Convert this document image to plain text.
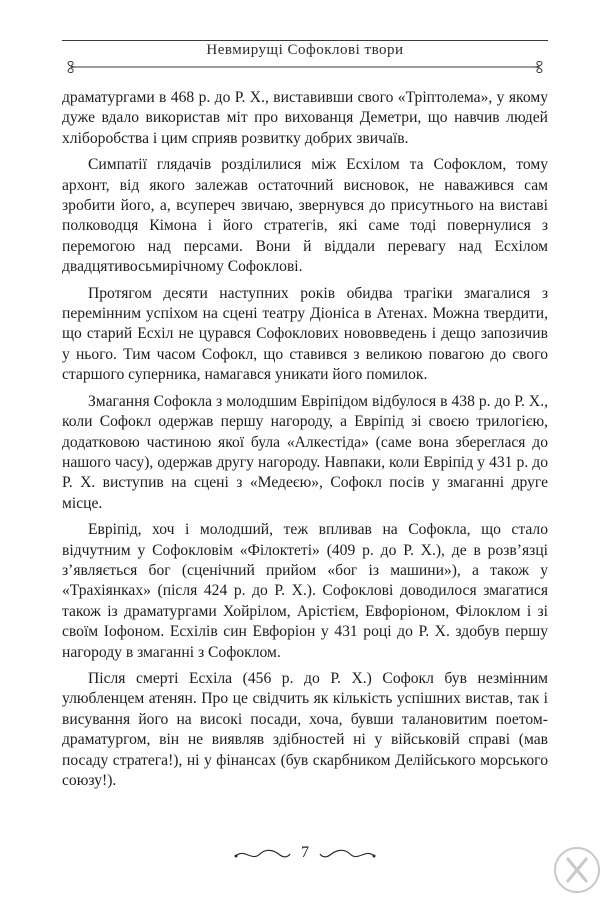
Невмирущі Софоклові твори

драматургами в 468 р. до Р. Х., виставивши свого «Тріптолема», у якому дуже вдало використав міт про вихованця Деметри, що навчив людей хліборобства і цим сприяв розвитку добрих звичаїв.

Симпатії глядачів розділилися між Есхілом та Софоклом, тому архонт, від якого залежав остаточний висновок, не наважився сам зробити його, а, всупереч звичаю, звернувся до присутнього на виставі полководця Кімона і його стратегів, які саме тоді повернулися з перемогою над персами. Вони й віддали перевагу над Есхілом двадцятивосьмирічному Софоклові.

Протягом десяти наступних років обидва трагіки змагалися з перемінним успіхом на сцені театру Діоніса в Атенах. Можна твердити, що старий Есхіл не цурався Софоклових нововведень і дещо запозичив у нього. Тим часом Софокл, що ставився з великою повагою до свого старшого суперника, намагався уникати його помилок.

Змагання Софокла з молодшим Евріпідом відбулося в 438 р. до Р. Х., коли Софокл одержав першу нагороду, а Евріпід зі своєю трилогією, додатковою частиною якої була «Алкестіда» (саме вона збереглася до нашого часу), одержав другу нагороду. Навпаки, коли Евріпід у 431 р. до Р. Х. виступив на сцені з «Медеєю», Софокл посів у змаганні друге місце.

Евріпід, хоч і молодший, теж впливав на Софокла, що стало відчутним у Софокловім «Філоктеті» (409 р. до Р. Х.), де в розв’язці з’являється бог (сценічний прийом «бог із машини»), а також у «Трахіянках» (після 424 р. до Р. Х.). Софоклові доводилося змагатися також із драматургами Хойрілом, Арістієм, Евфоріоном, Філоклом і зі своїм Іофоном. Есхілів син Евфоріон у 431 році до Р. Х. здобув першу нагороду в змаганні з Софоклом.

Після смерті Есхіла (456 р. до Р. Х.) Софокл був незмінним улюбленцем атенян. Про це свідчить як кількість успішних вистав, так і висування його на високі посади, хоча, бувши талановитим поетом-драматургом, він не виявляв здібностей ні у військовій справі (мав посаду стратега!), ні у фінансах (був скарбником Делійського морського союзу!).

7
